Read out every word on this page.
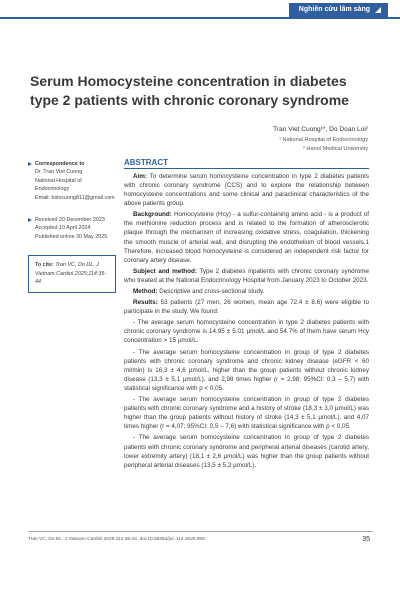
Nghiên cứu lâm sàng
Serum Homocysteine concentration in diabetes type 2 patients with chronic coronary syndrome
Tran Viet Cuong¹*, Do Doan Loi²
¹ National Hospital of Endocrinology
² Hanoi Medical University
Correspondence to
Dr. Tran Viet Cuong
National Hospital of Endocrinology
Email: bstvcuong811@gmail.com
Received 20 December 2023
Accepted 10 April 2024
Published online 30 May 2025
To cite: Tran VC, Do DL. J Vietnam Cardiol 2025;114:35-44
ABSTRACT

Aim: To determine serum homocysteine concentration in type 2 diabetes patients with chronic coronary syndrome (CCS) and to explore the relationship between homocysteine concentrations and some clinical and paraclinical characteristics of the above patients group.

Background: Homocysteine (Hcy) - a sulfur-containing amino acid - is a product of the methionine reduction process and is related to the formation of atherosclerotic plaque through the mechanism of increasing oxidative stress, coagulation, thickening the smooth muscle of arterial wall, and disrupting the endothelium of blood vessels.1 Therefore, increased blood homocysteine is considered an independent risk factor for coronary artery disease.

Subject and method: Type 2 diabetes inpatients with chronic coronary syndrome who treated at the National Endocrinology Hospital from January 2023 to October 2023.

Method: Descriptive and cross-sectional study.

Results: 53 patients (27 men, 26 women, mean age 72.4 ± 8.6) were eligible to participate in the study. We found:

- The average serum homocysteine concentration in type 2 diabetes patients with chronic coronary syndrome is 14.95 ± 5.01 µmol/L and 54.7% of them have serum Hcy concentration > 15 µmol/L.

- The average serum homocysteine concentration in group of type 2 diabetes patients with chronic coronary syndrome and chronic kidney disease (eGFR < 60 ml/min) is 16,3 ± 4,6 µmol/L, higher than the group patients without chronic kidney disease (13,3 ± 5,1 µmol/L), and 2,98 times higher (r = 2,98; 95%CI: 0,3 – 5,7) with statistical significance with p < 0,05.

- The average serum homocysteine concentration in group of type 2 diabetes patients with chronic coronary syndrome and a history of stroke (18,3 ± 3,0 µmol/L) was higher than the group patients without history of stroke (14,3 ± 5,1 µmol/L), and 4,07 times higher (r = 4,07; 95%CI: 0,5 – 7,6) with statistical significance with p < 0,05.

- The average serum homocysteine concentration in group of type 2 diabetes patients with chronic coronary syndrome and peripheral arterial diseases (carotid artery, lower extremity artery) (18,1 ± 2,6 µmol/L) was higher than the group patients without peripheral arterial diseases (13,5 ± 5,2 µmol/L),

Tran VC, Do DL. J Vietnam Cardiol 2025;114:35-44. doi:10.58354/jvc.114.2025.906	35
